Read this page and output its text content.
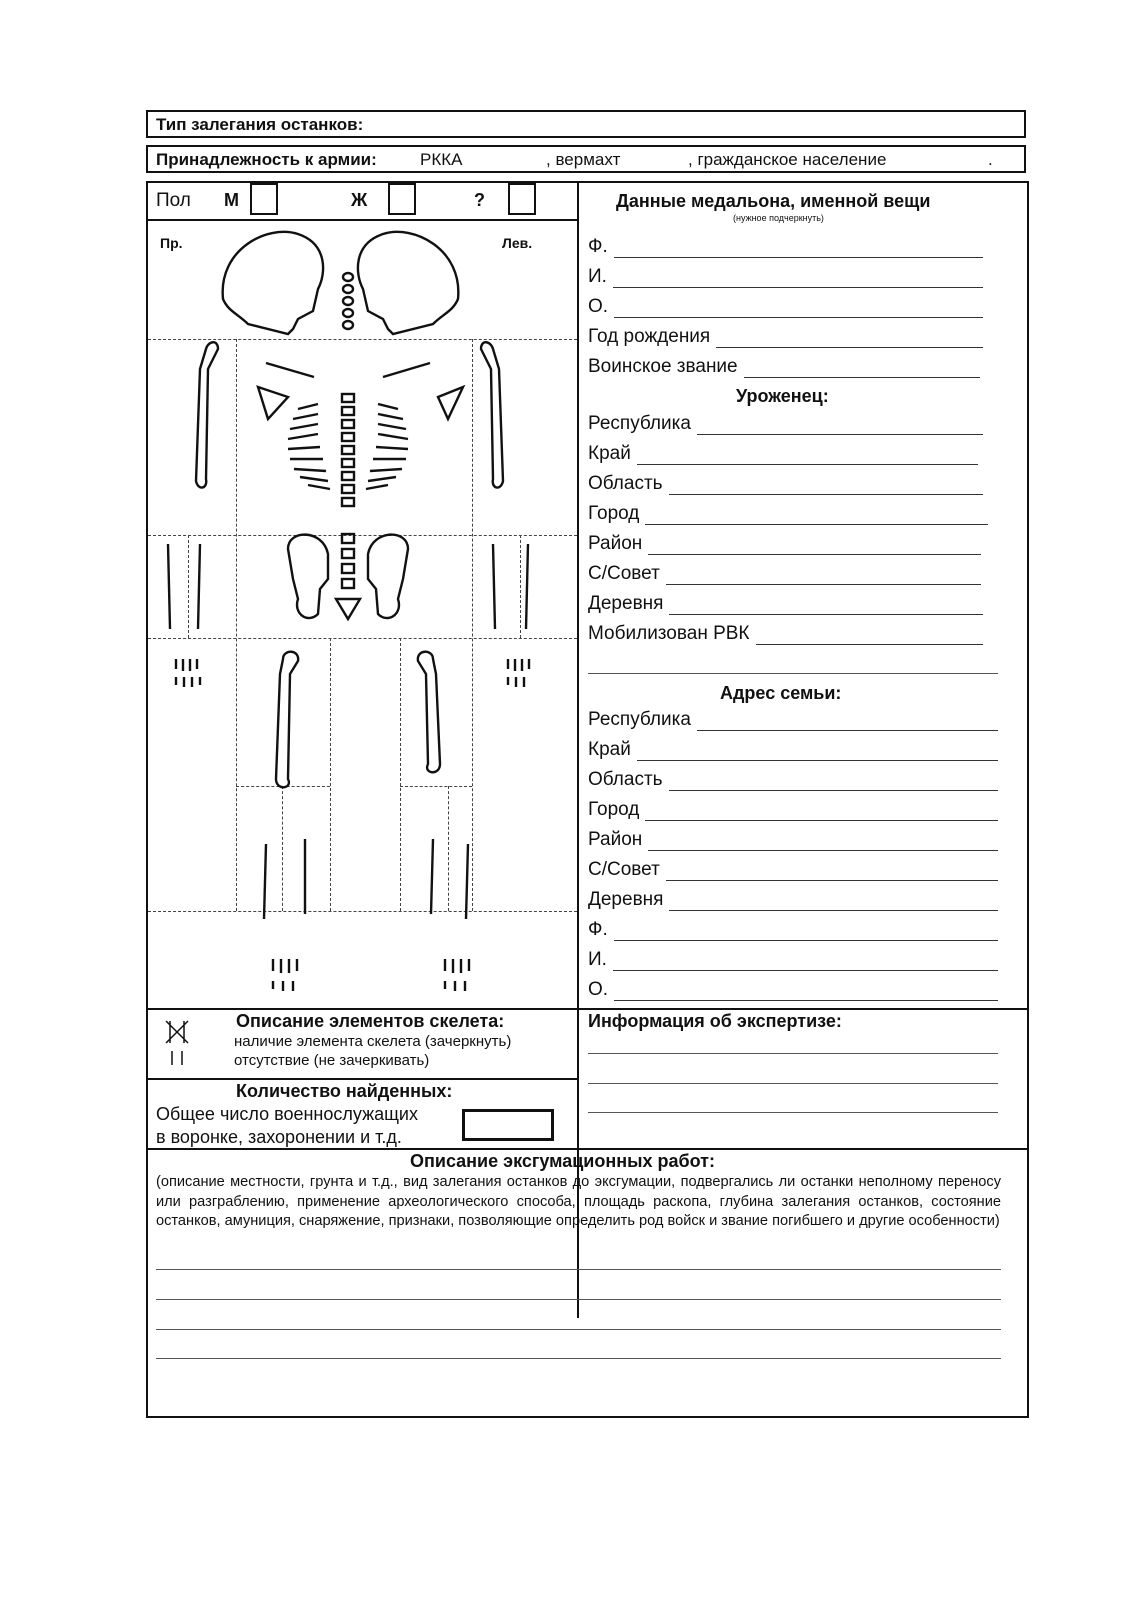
Тип залегания останков:
Принадлежность к армии:	РККА	, вермахт	, гражданское население	.
Пол М	Ж	?
Пр.	Лев.
Данные медальона, именной вещи
(нужное подчеркнуть)
Ф.
И.
О.
Год рождения
Воинское звание
Уроженец:
Республика
Край
Область
Город
Район
С/Совет
Деревня
Мобилизован РВК
Адрес семьи:
Республика
Край
Область
Город
Район
С/Совет
Деревня
Ф.
И.
О.
Описание элементов скелета:
наличие элемента скелета (зачеркнуть)
отсутствие (не зачеркивать)
Количество найденных:
Общее число военнослужащих
в воронке, захоронении и т.д.
Информация об экспертизе:
Описание эксгумационных работ:
(описание местности, грунта и т.д., вид залегания останков до эксгумации, подвергались ли останки неполному переносу или разграблению, применение археологического способа, площадь раскопа, глубина залегания останков, состояние останков, амуниция, снаряжение, признаки, позволяющие определить род войск и звание погибшего и другие особенности)
